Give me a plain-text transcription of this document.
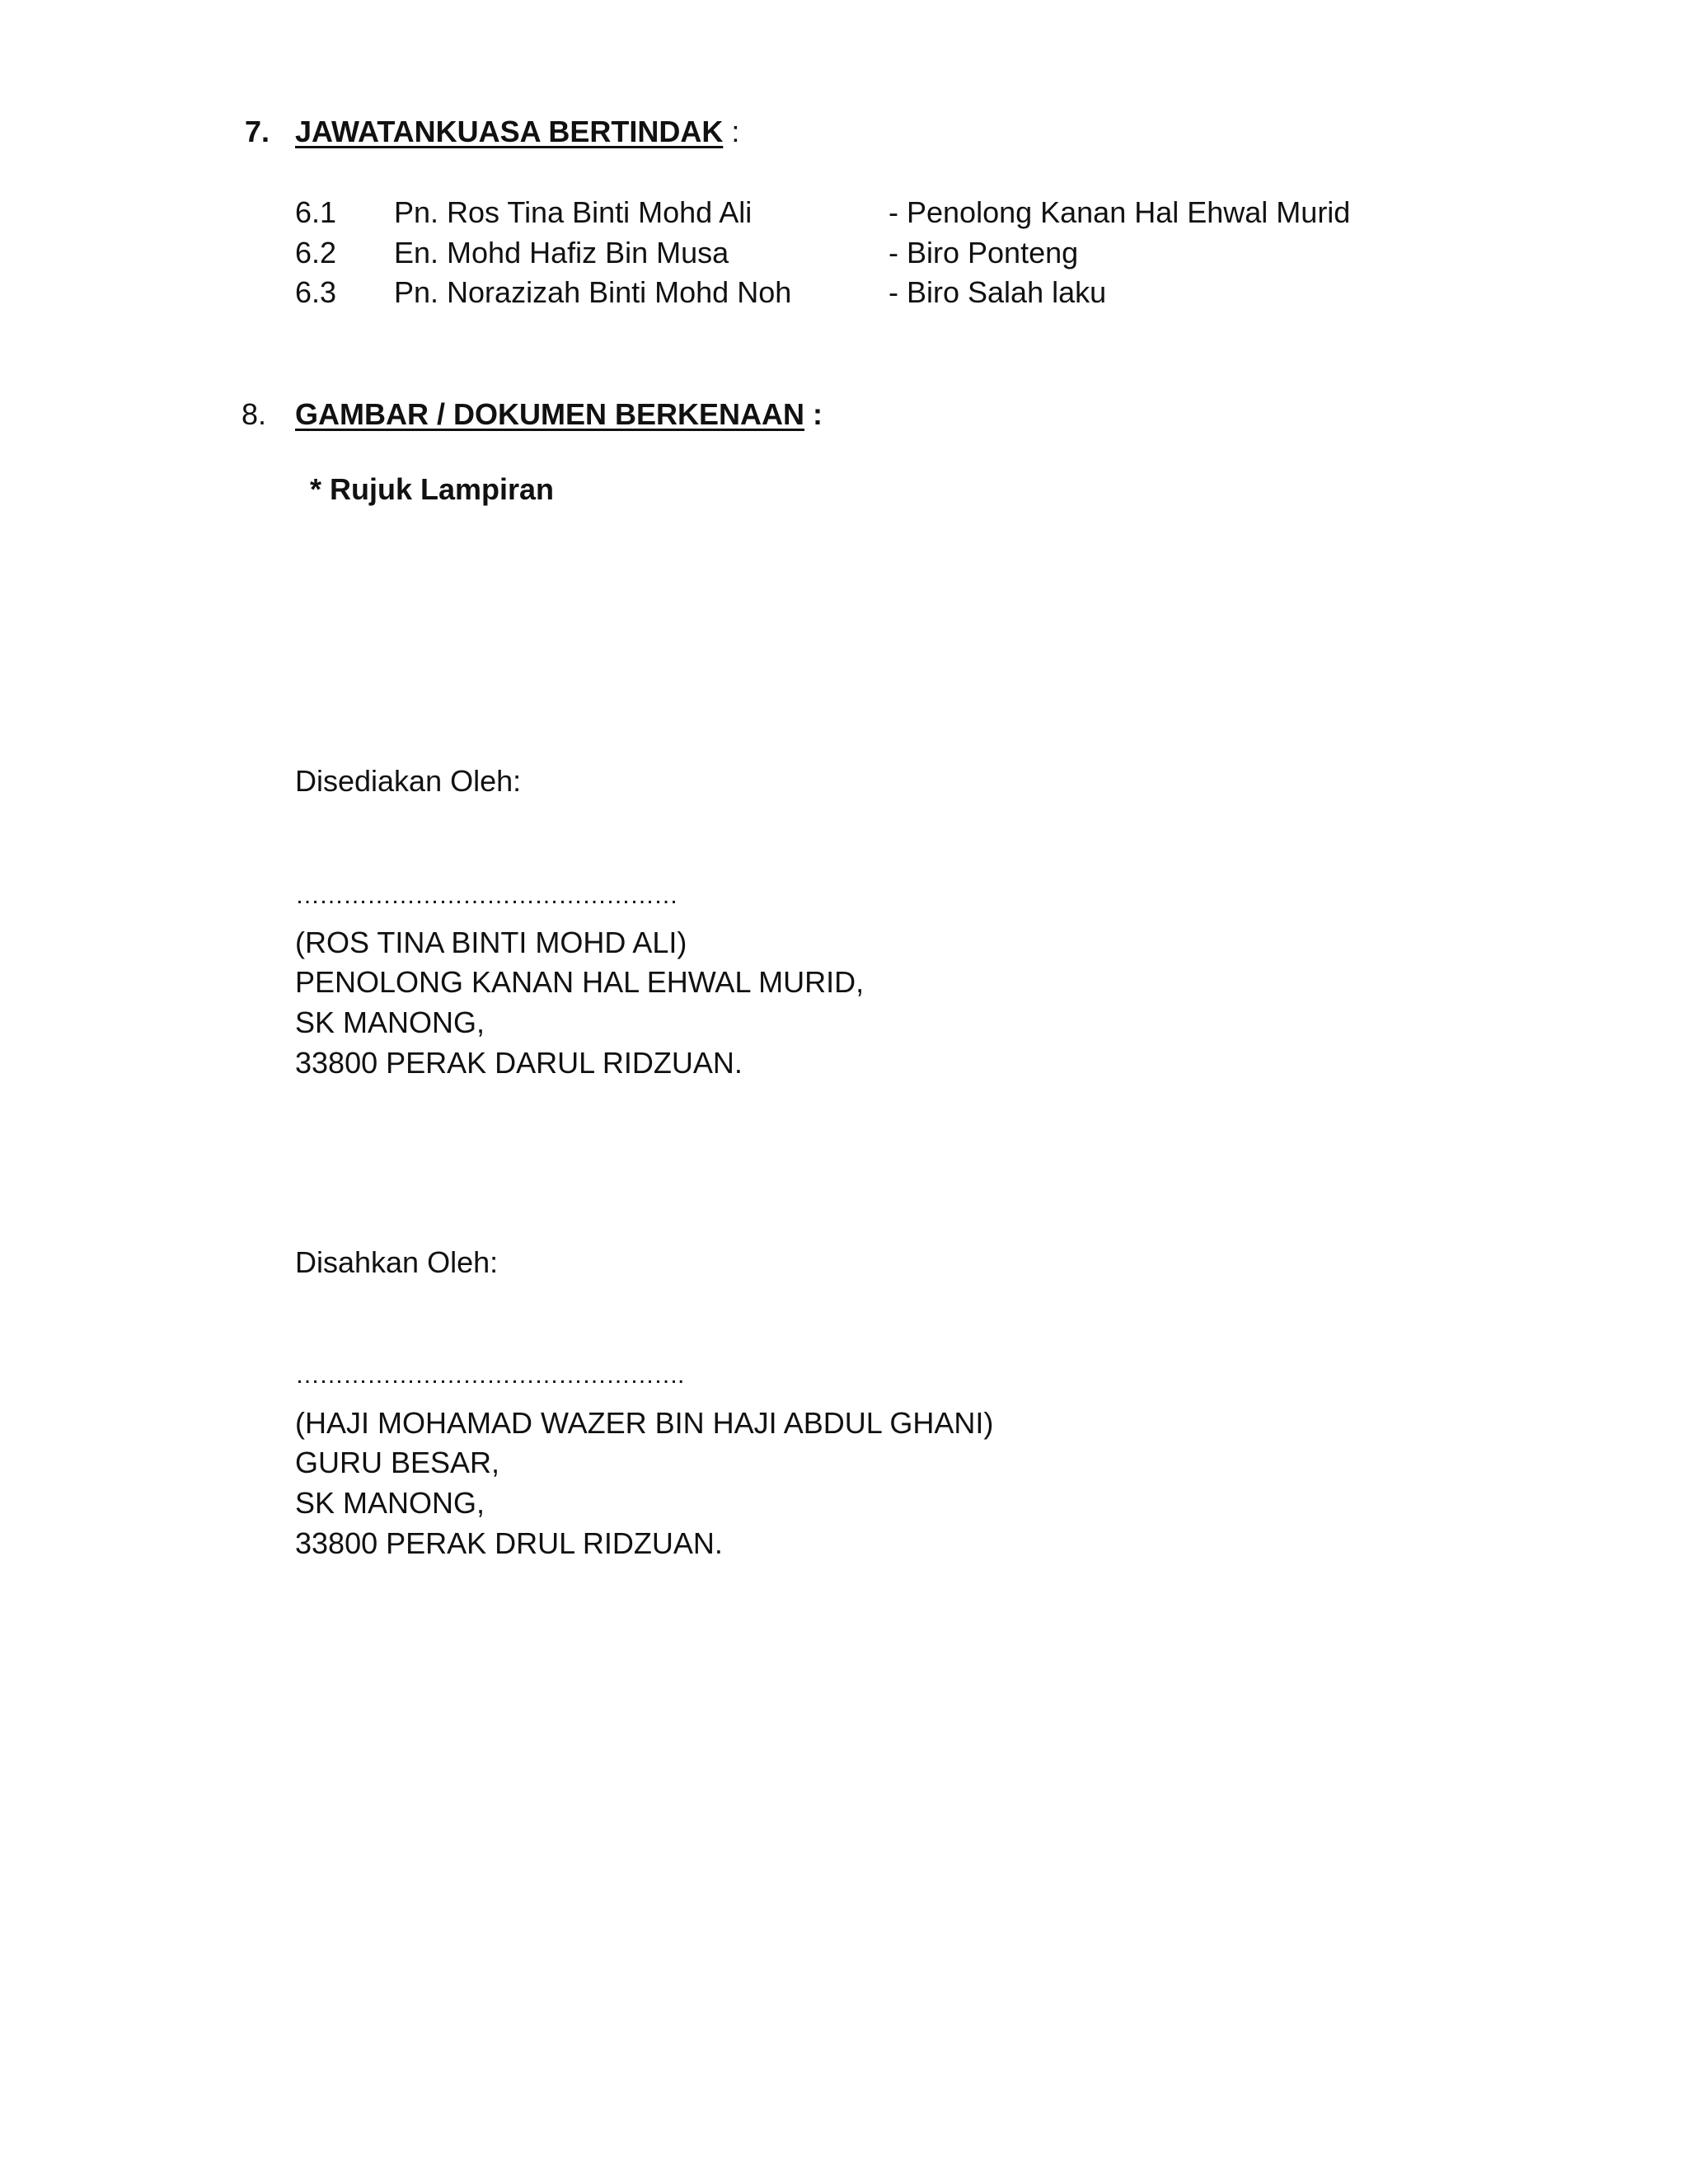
7. JAWATANKUASA BERTINDAK :
6.1 Pn. Ros Tina Binti Mohd Ali	- Penolong Kanan Hal Ehwal Murid
6.2 En. Mohd Hafiz Bin Musa	- Biro Ponteng
6.3 Pn. Norazizah Binti Mohd Noh	- Biro Salah laku
8. GAMBAR / DOKUMEN BERKENAAN :
* Rujuk Lampiran
Disediakan Oleh:
…………………………………………
(ROS TINA BINTI MOHD ALI)
PENOLONG KANAN HAL EHWAL MURID,
SK MANONG,
33800 PERAK DARUL RIDZUAN.
Disahkan Oleh:
………………………………………….
(HAJI MOHAMAD WAZER BIN HAJI ABDUL GHANI)
GURU BESAR,
SK MANONG,
33800 PERAK DRUL RIDZUAN.
